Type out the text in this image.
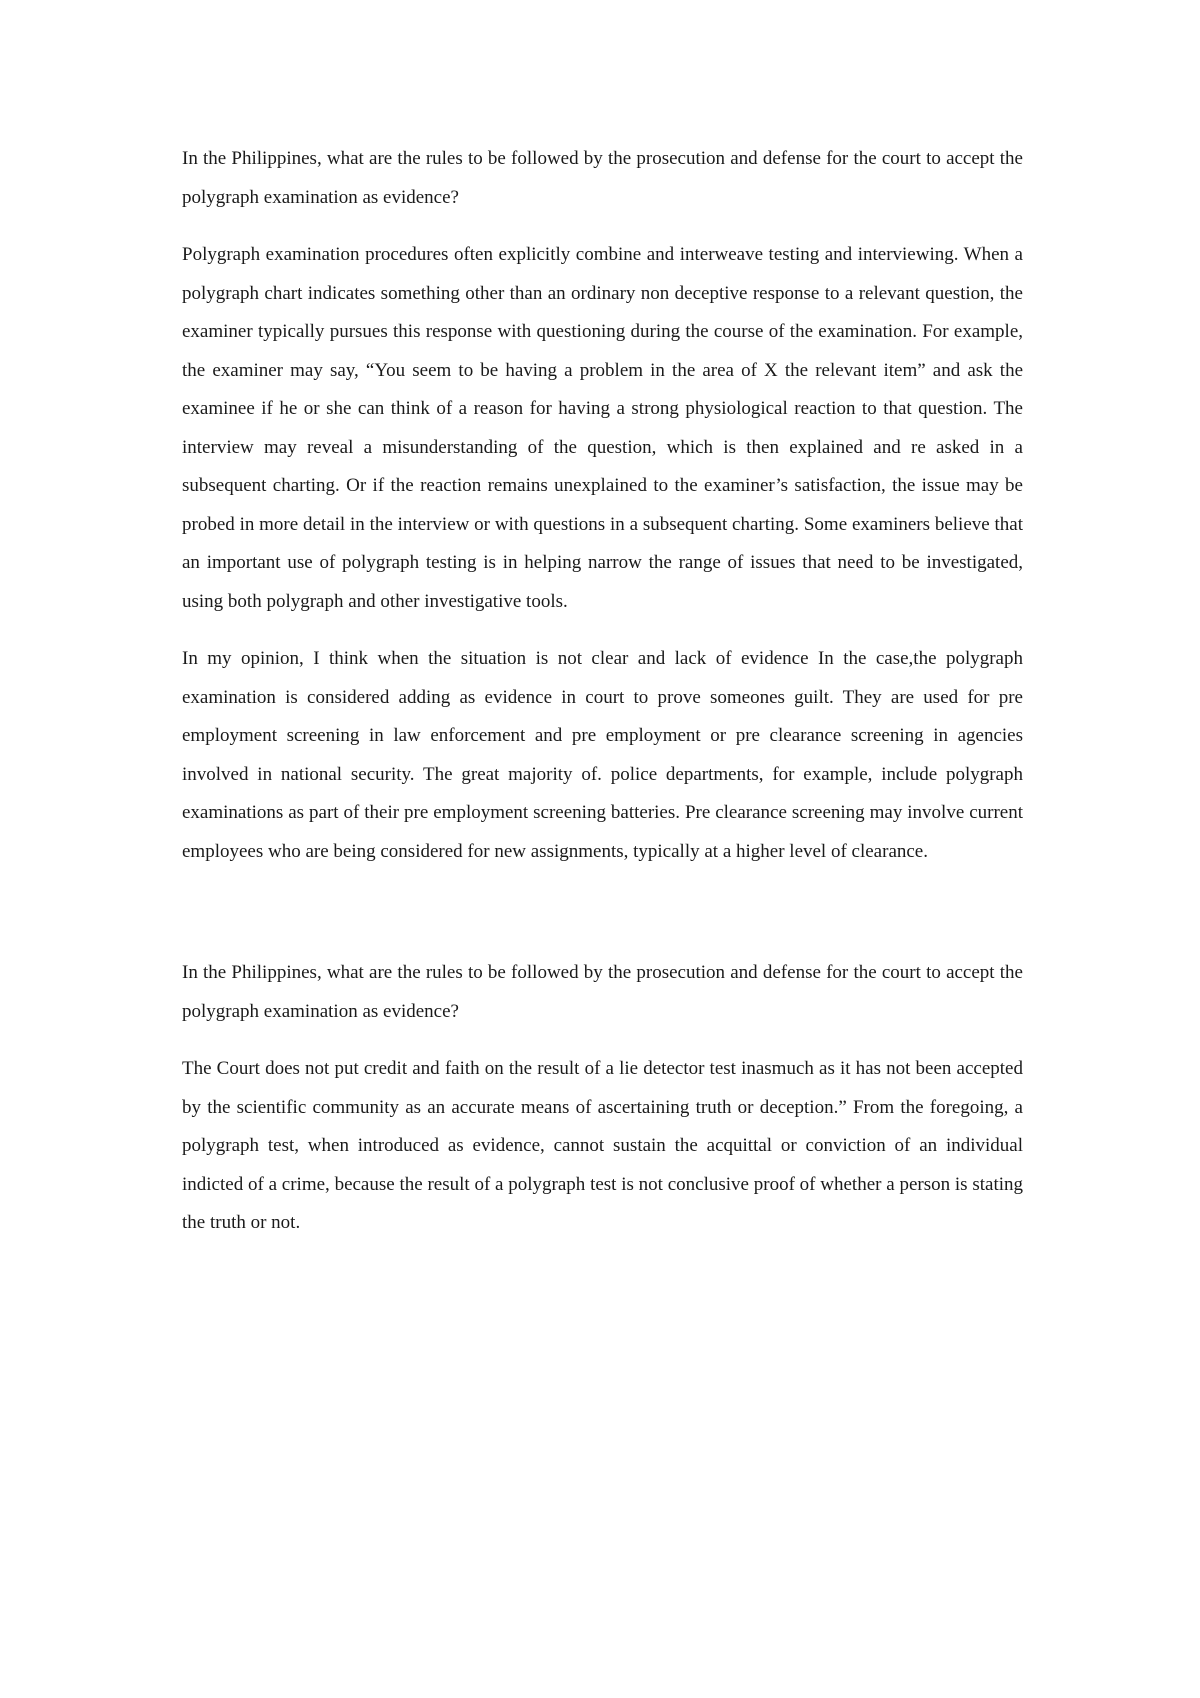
In the Philippines, what are the rules to be followed by the prosecution and defense for the court to accept the polygraph examination as evidence?

Polygraph examination procedures often explicitly combine and interweave testing and interviewing. When a polygraph chart indicates something other than an ordinary non deceptive response to a relevant question, the examiner typically pursues this response with questioning during the course of the examination. For example, the examiner may say, “You seem to be having a problem in the area of X the relevant item” and ask the examinee if he or she can think of a reason for having a strong physiological reaction to that question. The interview may reveal a misunderstanding of the question, which is then explained and re asked in a subsequent charting. Or if the reaction remains unexplained to the examiner’s satisfaction, the issue may be probed in more detail in the interview or with questions in a subsequent charting. Some examiners believe that an important use of polygraph testing is in helping narrow the range of issues that need to be investigated, using both polygraph and other investigative tools.

In my opinion, I think when the situation is not clear and lack of evidence In the case,the polygraph examination is considered adding as evidence in court to prove someones guilt. They are used for pre employment screening in law enforcement and pre employment or pre clearance screening in agencies involved in national security. The great majority of. police departments, for example, include polygraph examinations as part of their pre employment screening batteries. Pre clearance screening may involve current employees who are being considered for new assignments, typically at a higher level of clearance.

In the Philippines, what are the rules to be followed by the prosecution and defense for the court to accept the polygraph examination as evidence?

The Court does not put credit and faith on the result of a lie detector test inasmuch as it has not been accepted by the scientific community as an accurate means of ascertaining truth or deception.” From the foregoing, a polygraph test, when introduced as evidence, cannot sustain the acquittal or conviction of an individual indicted of a crime, because the result of a polygraph test is not conclusive proof of whether a person is stating the truth or not.
